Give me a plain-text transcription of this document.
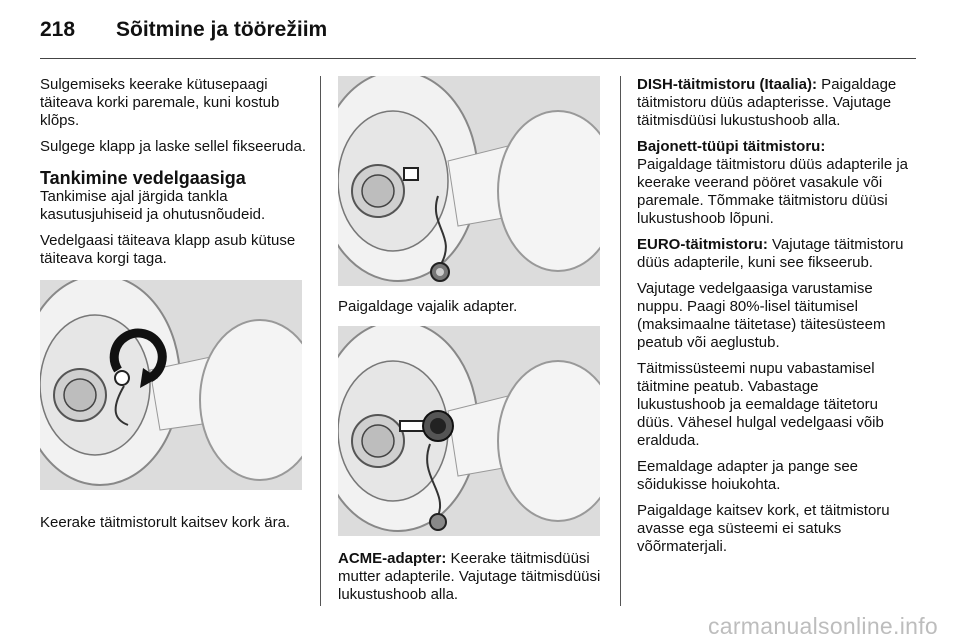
218	Sõitmine ja töörežiim

Sulgemiseks keerake kütusepaagi täiteava korki paremale, kuni kostub klõps.

Sulgege klapp ja laske sellel fikseeruda.

Tankimine vedelgaasiga

Tankimise ajal järgida tankla kasutusjuhiseid ja ohutusnõudeid.

Vedelgaasi täiteava klapp asub kütuse täiteava korgi taga.

Keerake täitmistorult kaitsev kork ära.

Paigaldage vajalik adapter.

ACME-adapter: Keerake täitmisdüüsi mutter adapterile. Vajutage täitmisdüüsi lukustushoob alla.

DISH-täitmistoru (Itaalia): Paigaldage täitmistoru düüs adapterisse. Vajutage täitmisdüüsi lukustushoob alla.

Bajonett-tüüpi täitmistoru:

Paigaldage täitmistoru düüs adapterile ja keerake veerand pööret vasakule või paremale. Tõmmake täitmistoru düüsi lukustushoob lõpuni.

EURO-täitmistoru: Vajutage täitmistoru düüs adapterile, kuni see fikseerub.

Vajutage vedelgaasiga varustamise nuppu. Paagi 80%-lisel täitumisel (maksimaalne täitetase) täitesüsteem peatub või aeglustub.

Täitmissüsteemi nupu vabastamisel täitmine peatub. Vabastage lukustushoob ja eemaldage täitetoru düüs. Vähesel hulgal vedelgaasi võib eralduda.

Eemaldage adapter ja pange see sõidukisse hoiukohta.

Paigaldage kaitsev kork, et täitmistoru avasse ega süsteemi ei satuks võõrmaterjali.

carmanualsonline.info
